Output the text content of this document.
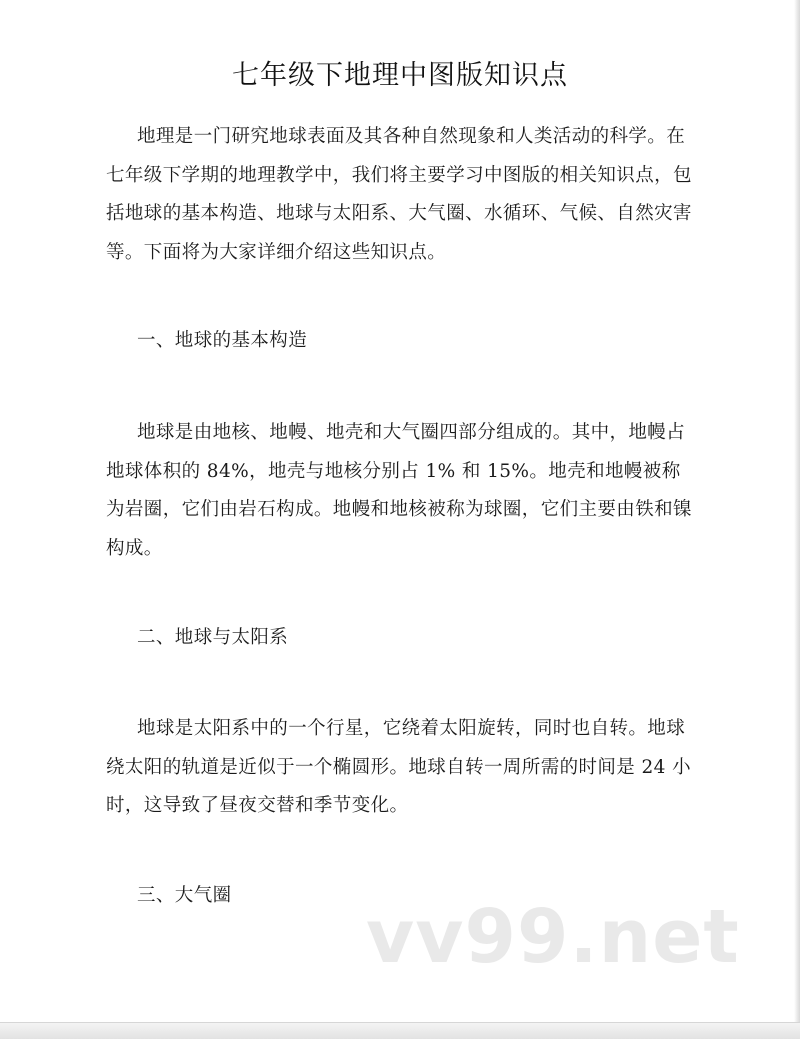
七年级下地理中图版知识点

地理是一门研究地球表面及其各种自然现象和人类活动的科学。在七年级下学期的地理教学中，我们将主要学习中图版的相关知识点，包括地球的基本构造、地球与太阳系、大气圈、水循环、气候、自然灾害等。下面将为大家详细介绍这些知识点。

一、地球的基本构造

地球是由地核、地幔、地壳和大气圈四部分组成的。其中，地幔占地球体积的 84%，地壳与地核分别占 1% 和 15%。地壳和地幔被称为岩圈，它们由岩石构成。地幔和地核被称为球圈，它们主要由铁和镍构成。

二、地球与太阳系

地球是太阳系中的一个行星，它绕着太阳旋转，同时也自转。地球绕太阳的轨道是近似于一个椭圆形。地球自转一周所需的时间是 24 小时，这导致了昼夜交替和季节变化。

三、大气圈 vv99.net
